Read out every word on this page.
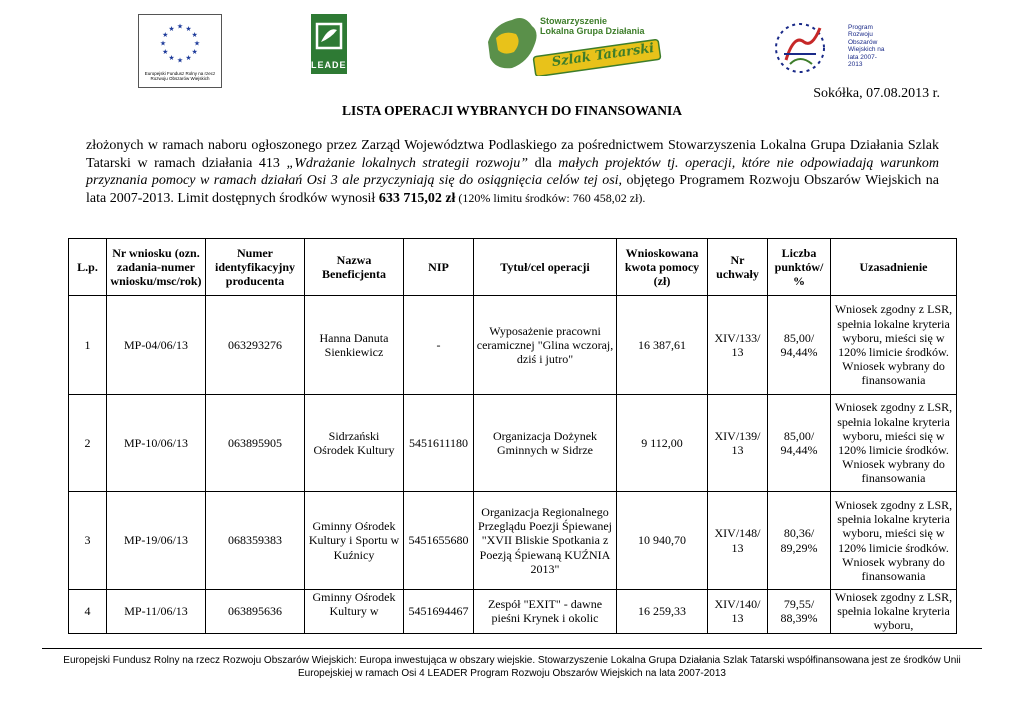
★ ★
★
★
★
★
★
★
★
★
★
★
Europejski Fundusz Rolny na rzecz Rozwoju Obszarów Wiejskich
LEADER
Stowarzyszenie
Lokalna Grupa Działania
Szlak Tatarski
Program Rozwoju Obszarów Wiejskich na lata 2007-2013
Sokółka, 07.08.2013 r.
LISTA OPERACJI WYBRANYCH DO FINANSOWANIA
złożonych w ramach naboru ogłoszonego przez Zarząd Województwa Podlaskiego za pośrednictwem Stowarzyszenia Lokalna Grupa Działania Szlak Tatarski w ramach działania 413 „Wdrażanie lokalnych strategii rozwoju” dla małych projektów tj. operacji, które nie odpowiadają warunkom przyznania pomocy w ramach działań Osi 3 ale przyczyniają się do osiągnięcia celów tej osi, objętego Programem Rozwoju Obszarów Wiejskich na lata 2007-2013. Limit dostępnych środków wynosił 633 715,02 zł (120% limitu środków: 760 458,02 zł).
L.p.	Nr wniosku (ozn. zadania-numer wniosku/msc/rok)	Numer identyfikacyjny producenta	Nazwa Beneficjenta	NIP	Tytuł/cel operacji	Wnioskowana kwota pomocy (zł)	Nr uchwały	Liczba punktów/ %	Uzasadnienie
1	MP-04/06/13	063293276	Hanna Danuta Sienkiewicz	-	Wyposażenie pracowni ceramicznej "Glina wczoraj, dziś i jutro"	16 387,61	XIV/133/ 13	85,00/ 94,44%	Wniosek zgodny z LSR, spełnia lokalne kryteria wyboru, mieści się w 120% limicie środków. Wniosek wybrany do finansowania
2	MP-10/06/13	063895905	Sidrzański Ośrodek Kultury	5451611180	Organizacja Dożynek Gminnych w Sidrze	9 112,00	XIV/139/ 13	85,00/ 94,44%	Wniosek zgodny z LSR, spełnia lokalne kryteria wyboru, mieści się w 120% limicie środków. Wniosek wybrany do finansowania
3	MP-19/06/13	068359383	Gminny Ośrodek Kultury i Sportu w Kuźnicy	5451655680	Organizacja Regionalnego Przeglądu Poezji Śpiewanej "XVII Bliskie Spotkania z Poezją Śpiewaną KUŹNIA 2013"	10 940,70	XIV/148/ 13	80,36/ 89,29%	Wniosek zgodny z LSR, spełnia lokalne kryteria wyboru, mieści się w 120% limicie środków. Wniosek wybrany do finansowania
4	MP-11/06/13	063895636	Gminny Ośrodek Kultury w	5451694467	Zespół "EXIT" - dawne pieśni Krynek i okolic	16 259,33	XIV/140/ 13	79,55/ 88,39%	Wniosek zgodny z LSR, spełnia lokalne kryteria wyboru,
Europejski Fundusz Rolny na rzecz Rozwoju Obszarów Wiejskich: Europa inwestująca w obszary wiejskie. Stowarzyszenie Lokalna Grupa Działania Szlak Tatarski współfinansowana jest ze środków Unii Europejskiej w ramach Osi 4 LEADER Program Rozwoju Obszarów Wiejskich na lata 2007-2013
